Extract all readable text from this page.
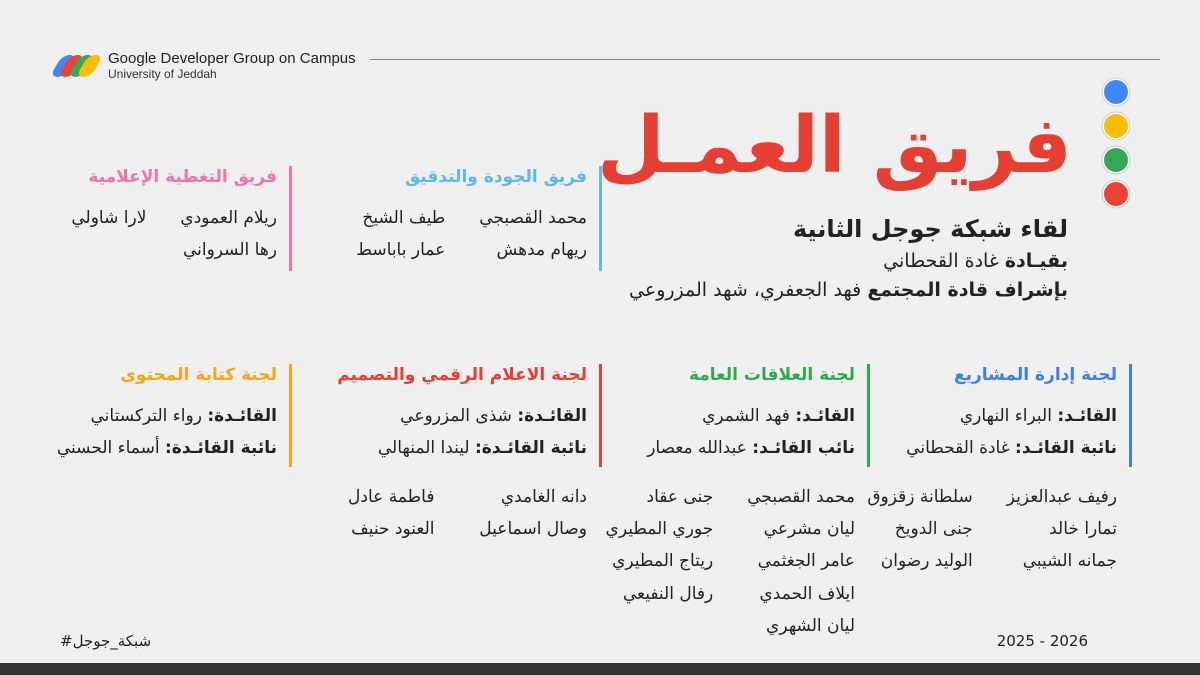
Google Developer Group on Campus
University of Jeddah
فريق العمـل
لقاء شبكة جوجل الثانية
بقيـادة غادة القحطاني
بإشراف قادة المجتمع فهد الجعفري، شهد المزروعي
فريق الجودة والتدقيق
محمد القصبجي
طيف الشيخ
ريهام مدهش
عمار باباسط
فريق التغطية الإعلامية
ريلام العمودي
لارا شاولي
رها السرواني
لجنة إدارة المشاريع
القائـد: البراء النهاري
نائبة القائـد: غادة القحطاني
رفيف عبدالعزيز
سلطانة زقزوق
تمارا خالد
جنى الدويخ
جمانه الشيبي
الوليد رضوان
لجنة العلاقات العامة
القائـد: فهد الشمري
نائب القائـد: عبدالله معصار
محمد القصبجي
جنى عقاد
ليان مشرعي
جوري المطيري
عامر الجغثمي
ريتاج المطيري
ايلاف الحمدي
رفال النفيعي
ليان الشهري
لجنة الاعلام الرقمي والتصميم
القائـدة: شذى المزروعي
نائبة القائـدة: ليندا المنهالي
دانه الغامدي
فاطمة عادل
وصال اسماعيل
العنود حنيف
لجنة كتابة المحتوى
القائـدة: رواء التركستاني
نائبة القائـدة: أسماء الحسني
#شبكة_جوجل	2025 - 2026
